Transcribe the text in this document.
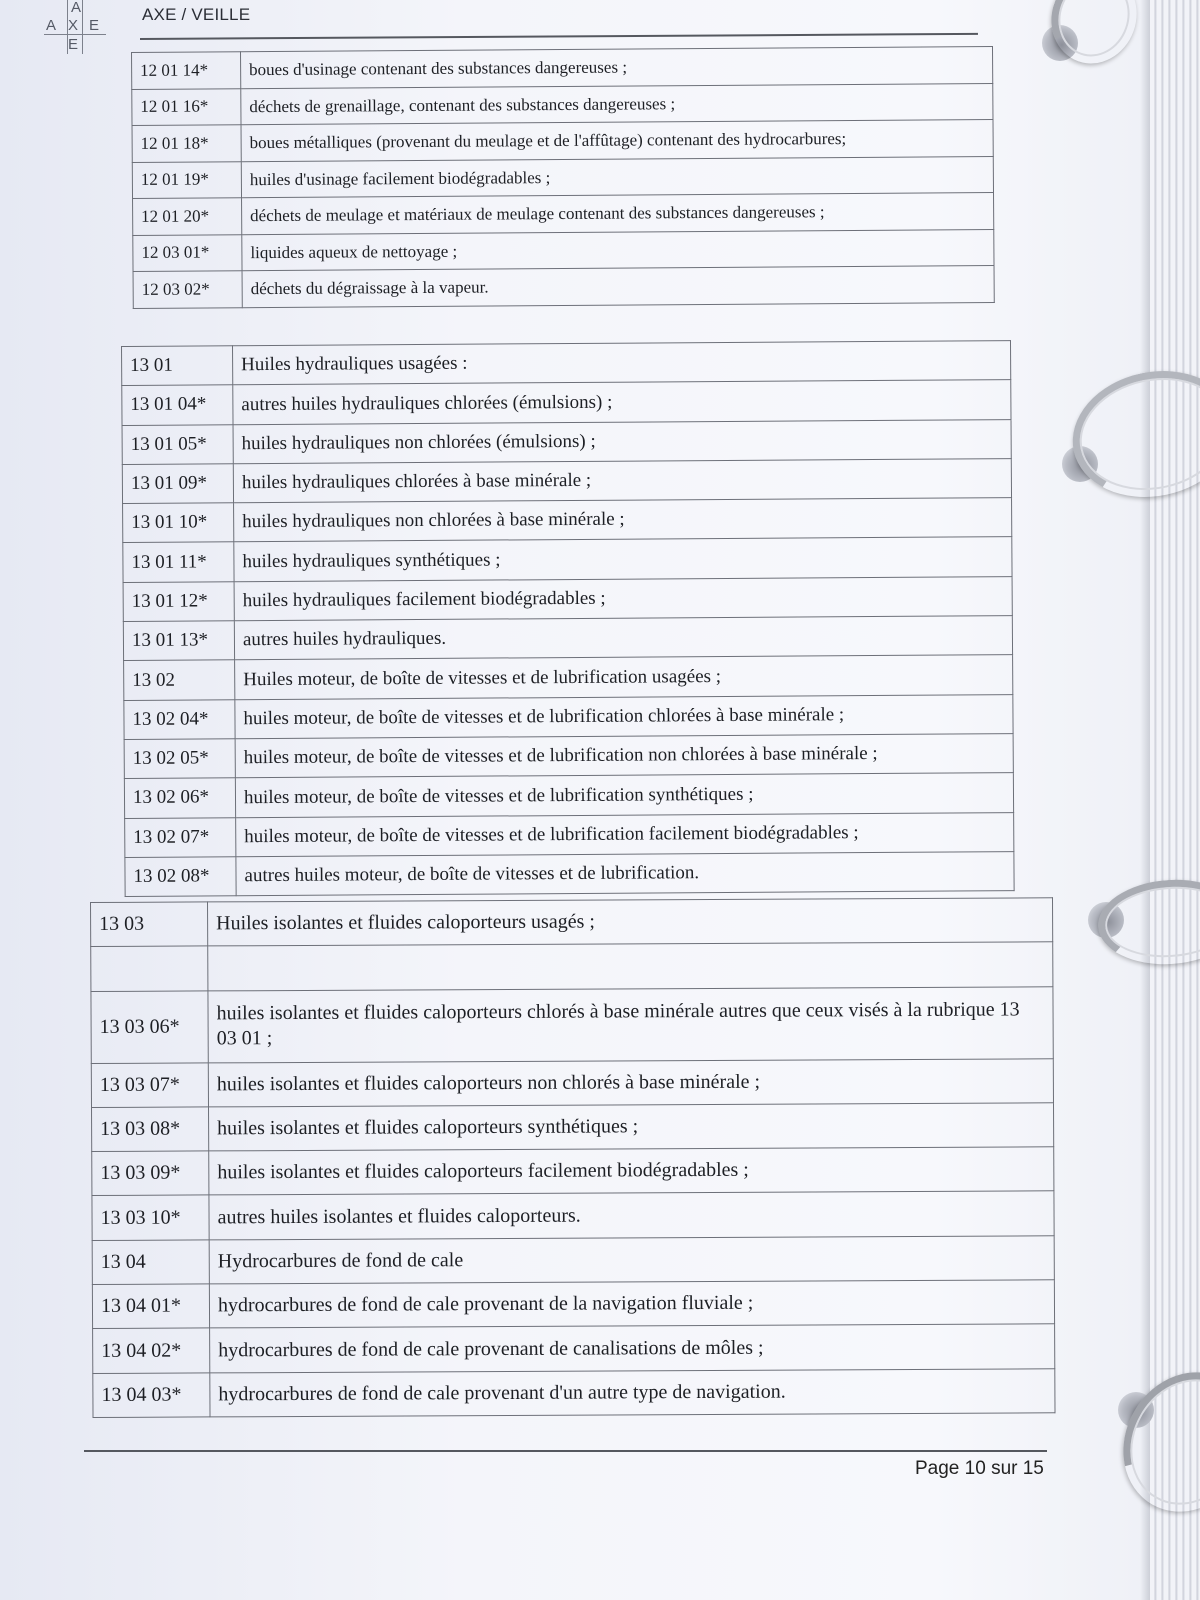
A
A X E
E
AXE / VEILLE
12 01 14*	boues d'usinage contenant des substances dangereuses ;
12 01 16*	déchets de grenaillage, contenant des substances dangereuses ;
12 01 18*	boues métalliques (provenant du meulage et de l'affûtage) contenant des hydrocarbures;
12 01 19*	huiles d'usinage facilement biodégradables ;
12 01 20*	déchets de meulage et matériaux de meulage contenant des substances dangereuses ;
12 03 01*	liquides aqueux de nettoyage ;
12 03 02*	déchets du dégraissage à la vapeur.
13 01	Huiles hydrauliques usagées :
13 01 04*	autres huiles hydrauliques chlorées (émulsions) ;
13 01 05*	huiles hydrauliques non chlorées (émulsions) ;
13 01 09*	huiles hydrauliques chlorées à base minérale ;
13 01 10*	huiles hydrauliques non chlorées à base minérale ;
13 01 11*	huiles hydrauliques synthétiques ;
13 01 12*	huiles hydrauliques facilement biodégradables ;
13 01 13*	autres huiles hydrauliques.
13 02	Huiles moteur, de boîte de vitesses et de lubrification usagées ;
13 02 04*	huiles moteur, de boîte de vitesses et de lubrification chlorées à base minérale ;
13 02 05*	huiles moteur, de boîte de vitesses et de lubrification non chlorées à base minérale ;
13 02 06*	huiles moteur, de boîte de vitesses et de lubrification synthétiques ;
13 02 07*	huiles moteur, de boîte de vitesses et de lubrification facilement biodégradables ;
13 02 08*	autres huiles moteur, de boîte de vitesses et de lubrification.
13 03	Huiles isolantes et fluides caloporteurs usagés ;

13 03 06*	huiles isolantes et fluides caloporteurs chlorés à base minérale autres que ceux visés à la rubrique 13 03 01 ;
13 03 07*	huiles isolantes et fluides caloporteurs non chlorés à base minérale ;
13 03 08*	huiles isolantes et fluides caloporteurs synthétiques ;
13 03 09*	huiles isolantes et fluides caloporteurs facilement biodégradables ;
13 03 10*	autres huiles isolantes et fluides caloporteurs.
13 04	Hydrocarbures de fond de cale
13 04 01*	hydrocarbures de fond de cale provenant de la navigation fluviale ;
13 04 02*	hydrocarbures de fond de cale provenant de canalisations de môles ;
13 04 03*	hydrocarbures de fond de cale provenant d'un autre type de navigation.
Page 10 sur 15
